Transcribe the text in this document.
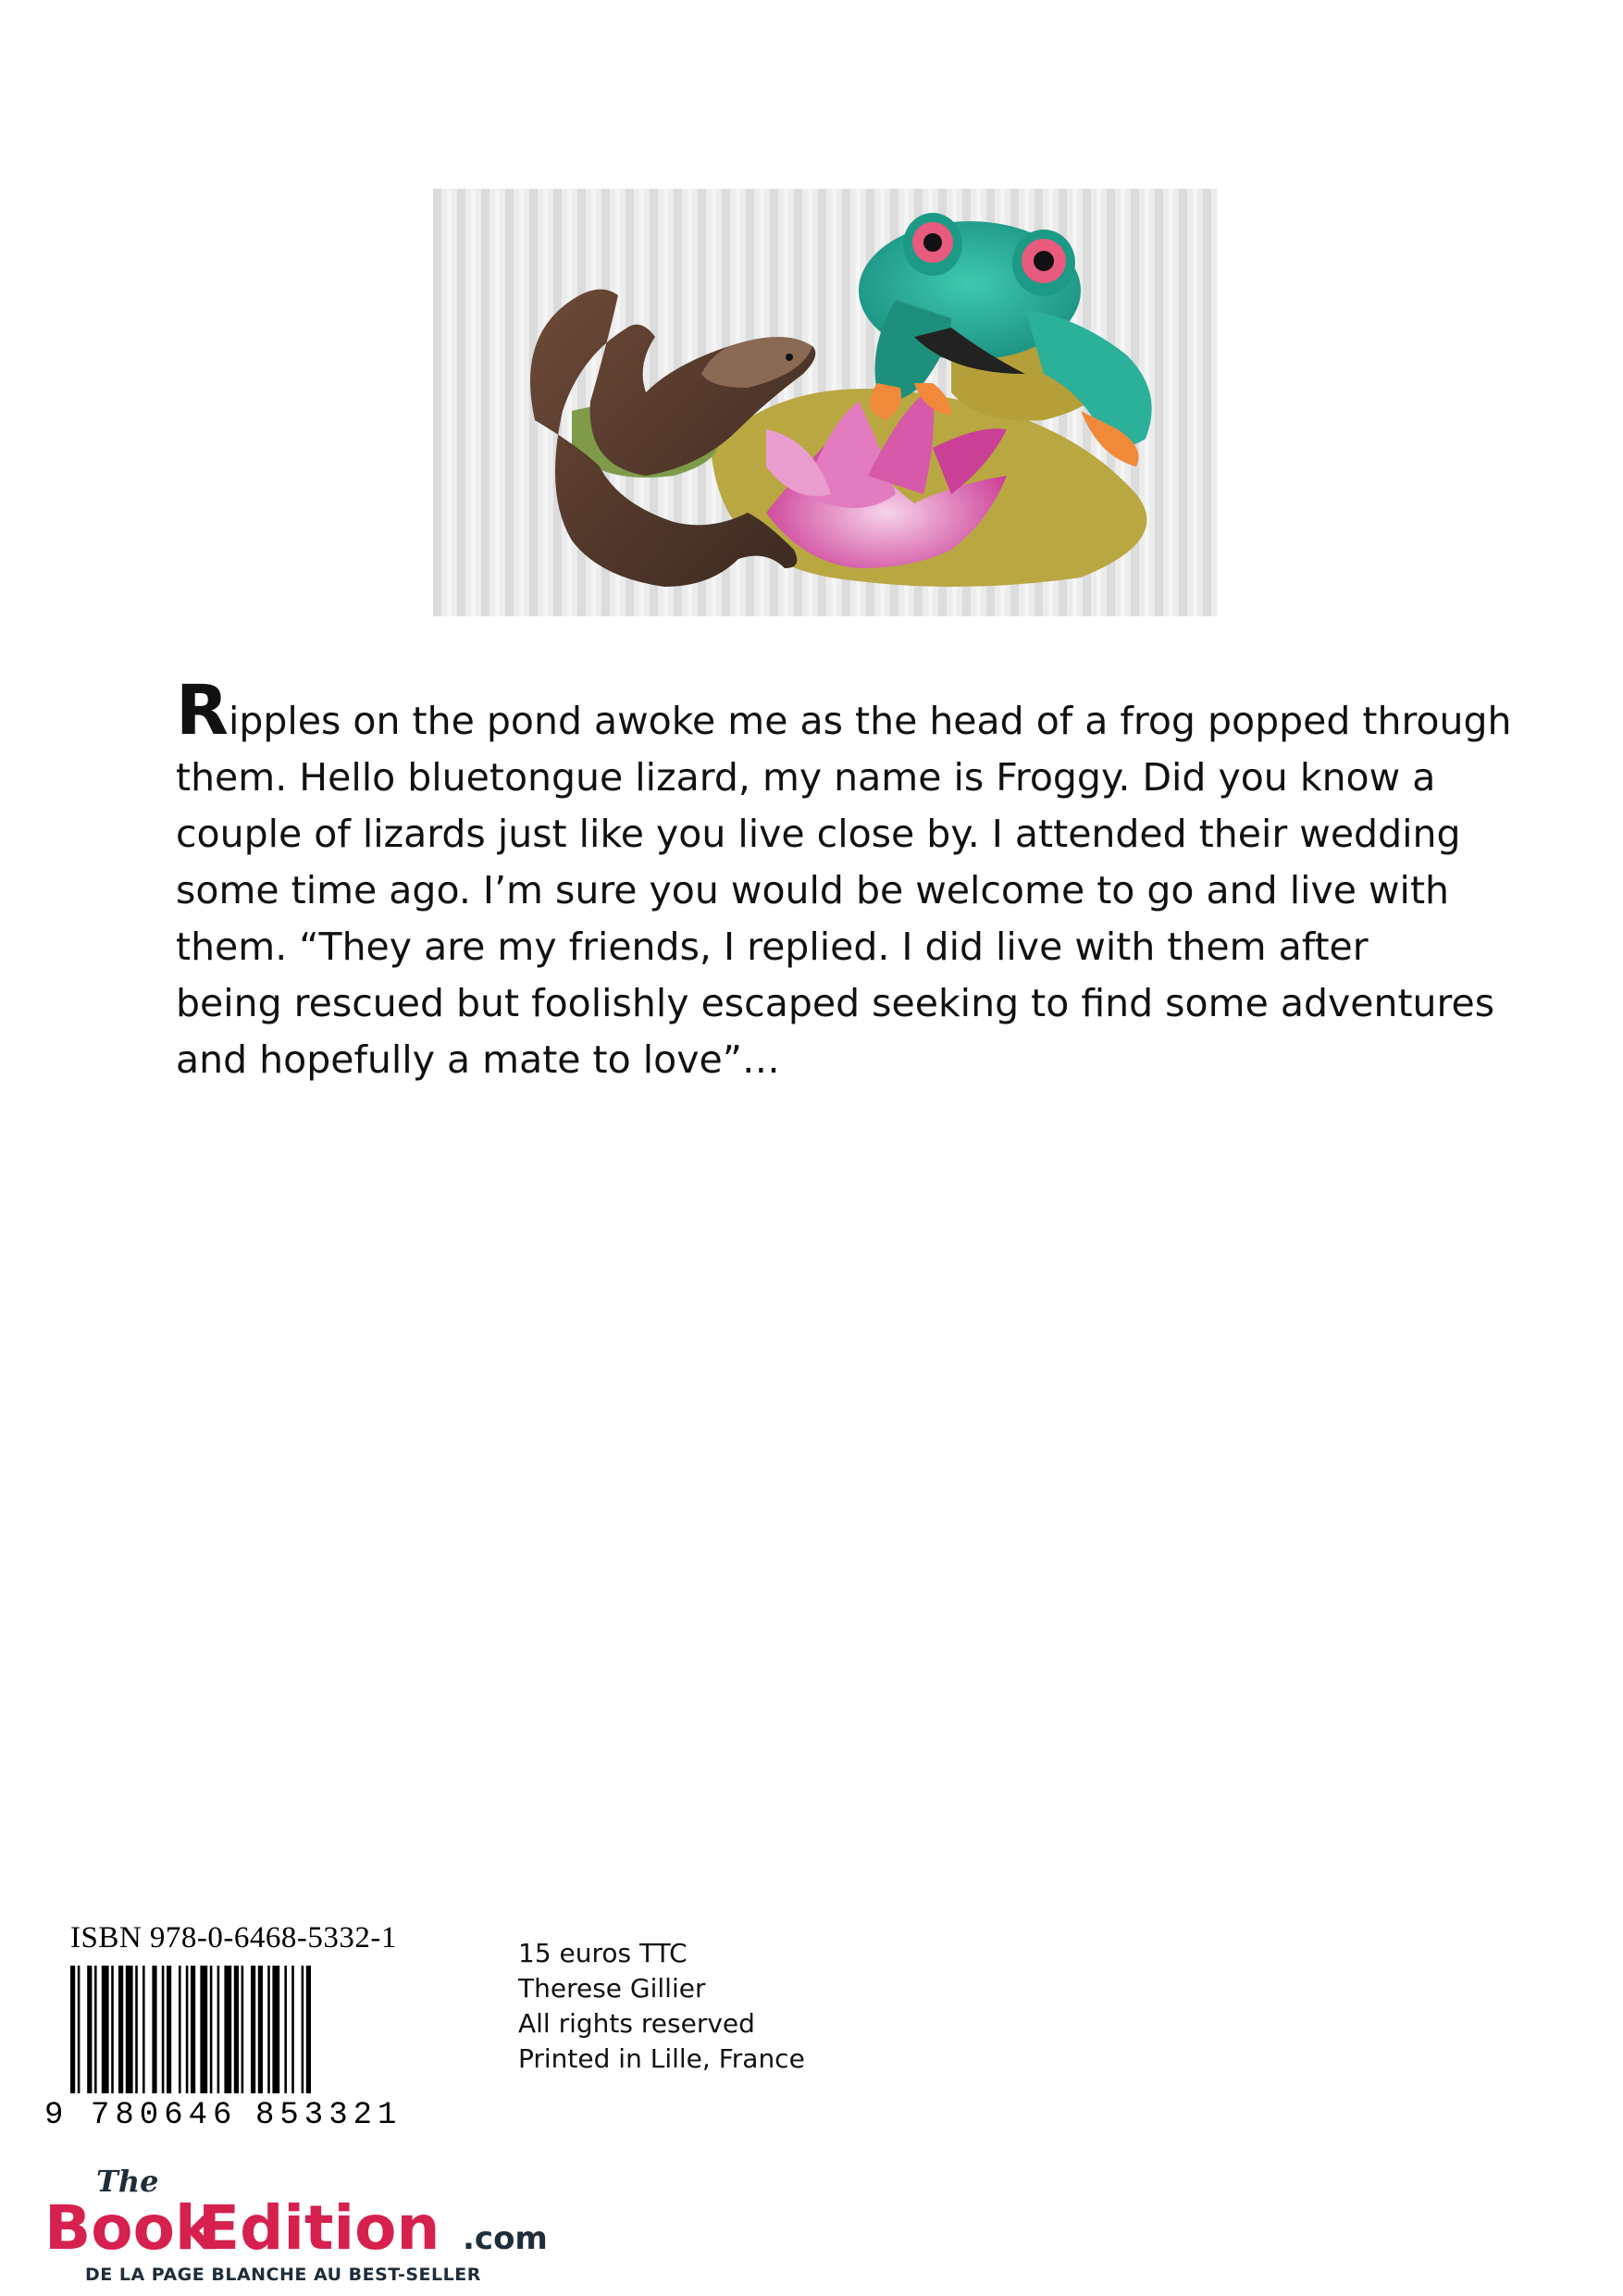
Ripples on the pond awoke me as the head of a frog popped through
them. Hello bluetongue lizard, my name is Froggy. Did you know a
couple of lizards just like you live close by. I attended their wedding
some time ago. I’m sure you would be welcome to go and live with
them. “They are my friends, I replied. I did live with them after
being rescued but foolishly escaped seeking to find some adventures
and hopefully a mate to love”…
ISBN 978-0-6468-5332-1
9 780646 853321
15 euros TTC
Therese Gillier
All rights reserved
Printed in Lille, France
The
Book
Edition .com
DE LA PAGE BLANCHE AU BEST-SELLER
